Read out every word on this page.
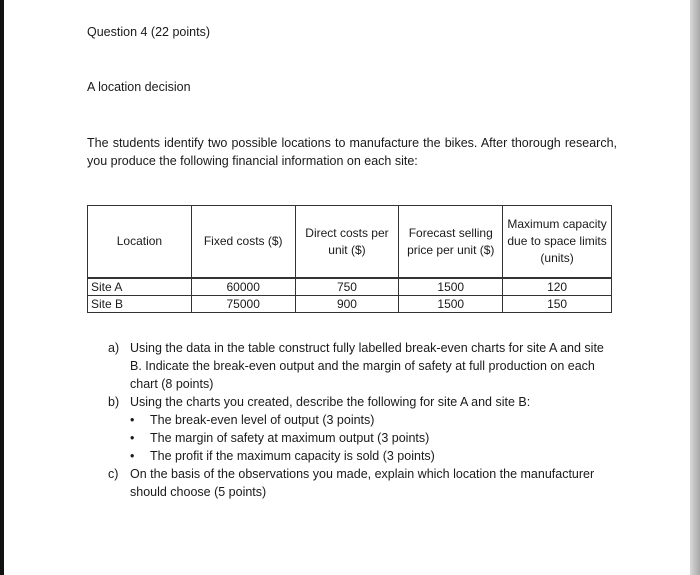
Question 4 (22 points)
A location decision
The students identify two possible locations to manufacture the bikes. After thorough research, you produce the following financial information on each site:
Location	Fixed costs ($)	Direct costs per unit ($)	Forecast selling price per unit ($)	Maximum capacity due to space limits (units)
Site A	60000	750	1500	120
Site B	75000	900	1500	150
a) Using the data in the table construct fully labelled break-even charts for site A and site B. Indicate the break-even output and the margin of safety at full production on each chart (8 points)
b) Using the charts you created, describe the following for site A and site B:
• The break-even level of output (3 points)
• The margin of safety at maximum output (3 points)
• The profit if the maximum capacity is sold (3 points)
c) On the basis of the observations you made, explain which location the manufacturer should choose (5 points)
